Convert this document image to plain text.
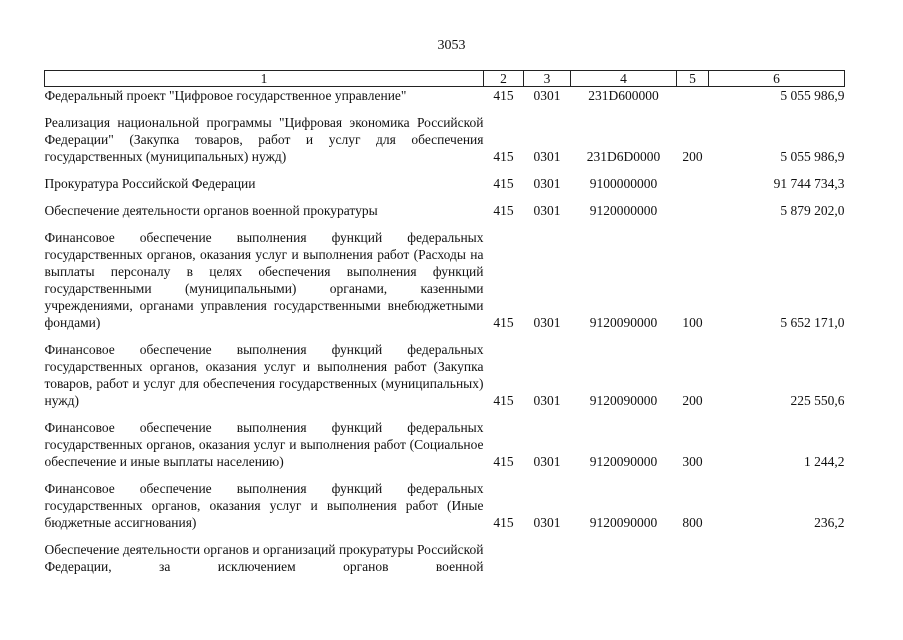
3053
1	2	3	4	5	6
Федеральный проект "Цифровое государственное управление"	415	0301	231D600000		5 055 986,9

Реализация национальной программы "Цифровая экономика Российской Федерации" (Закупка товаров, работ и услуг для обеспечения государственных (муниципальных) нужд)	415	0301	231D6D0000	200	5 055 986,9

Прокуратура Российской Федерации	415	0301	9100000000		91 744 734,3

Обеспечение деятельности органов военной прокуратуры	415	0301	9120000000		5 879 202,0

Финансовое обеспечение выполнения функций федеральных государственных органов, оказания услуг и выполнения работ (Расходы на выплаты персоналу в целях обеспечения выполнения функций государственными (муниципальными) органами, казенными учреждениями, органами управления государственными внебюджетными фондами)	415	0301	9120090000	100	5 652 171,0

Финансовое обеспечение выполнения функций федеральных государственных органов, оказания услуг и выполнения работ (Закупка товаров, работ и услуг для обеспечения государственных (муниципальных) нужд)	415	0301	9120090000	200	225 550,6

Финансовое обеспечение выполнения функций федеральных государственных органов, оказания услуг и выполнения работ (Социальное обеспечение и иные выплаты населению)	415	0301	9120090000	300	1 244,2

Финансовое обеспечение выполнения функций федеральных государственных органов, оказания услуг и выполнения работ (Иные бюджетные ассигнования)	415	0301	9120090000	800	236,2

Обеспечение деятельности органов и организаций прокуратуры Российской Федерации, за исключением органов военной					
